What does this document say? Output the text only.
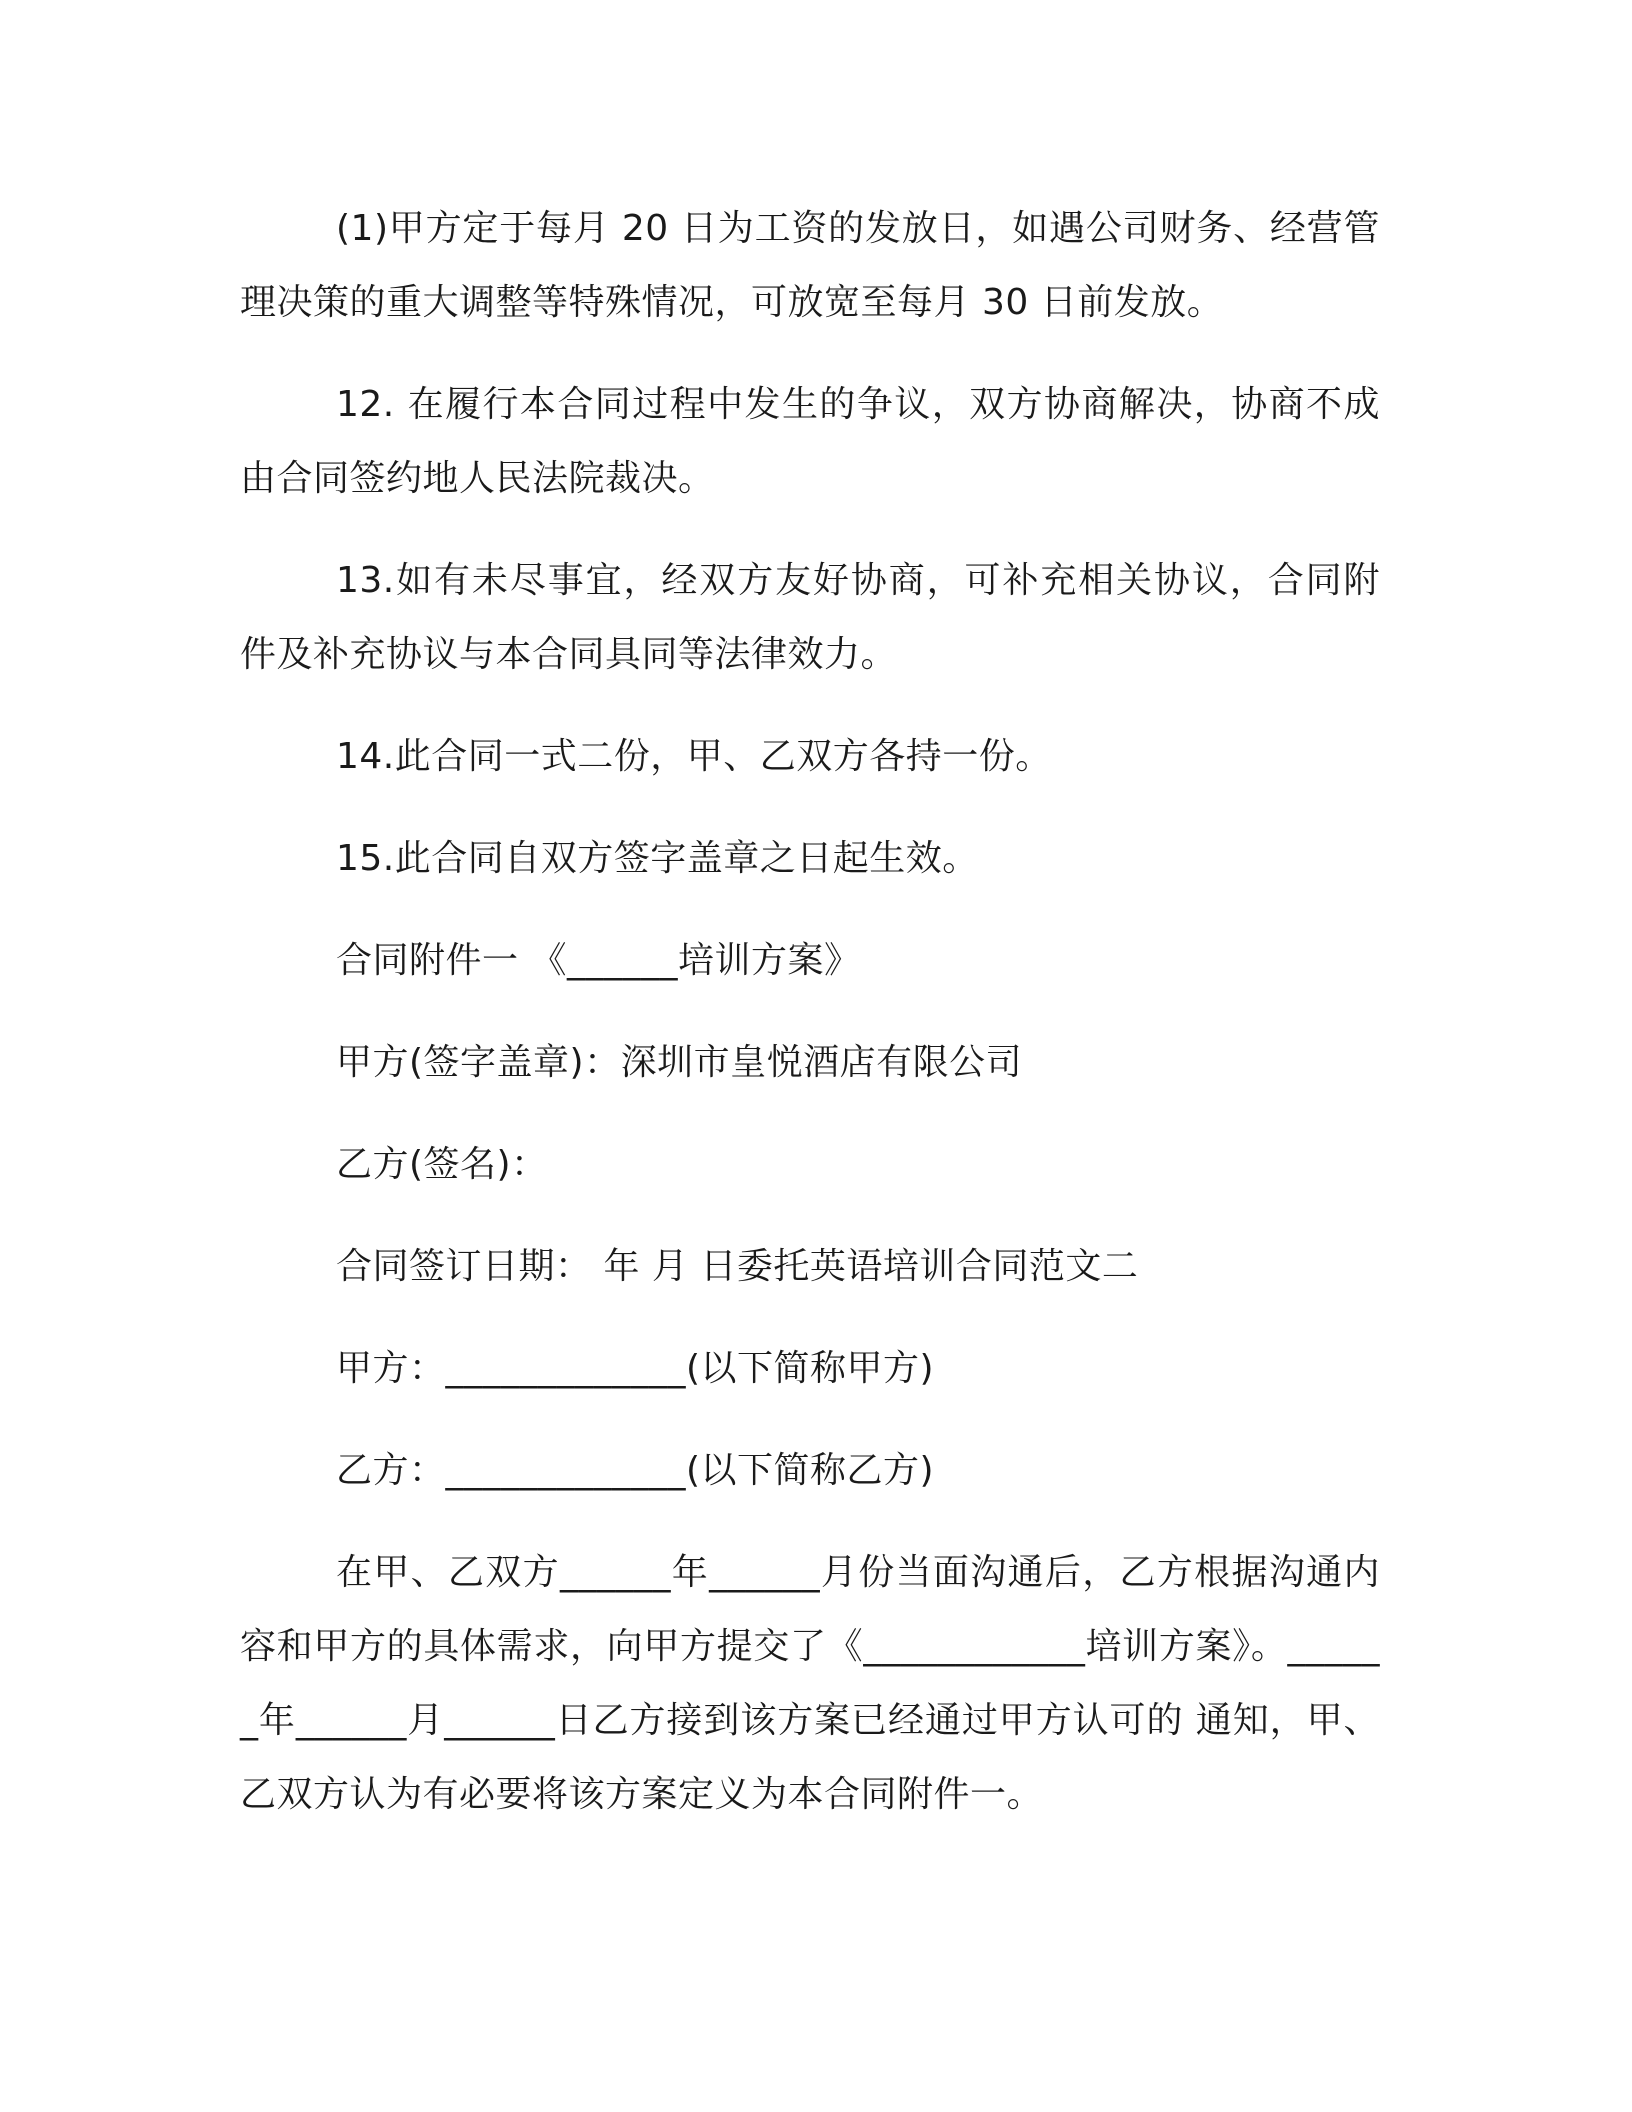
(1)甲方定于每月 20 日为工资的发放日，如遇公司财务、经营管理决策的重大调整等特殊情况，可放宽至每月 30 日前发放。

12. 在履行本合同过程中发生的争议，双方协商解决，协商不成由合同签约地人民法院裁决。

13.如有未尽事宜，经双方友好协商，可补充相关协议，合同附件及补充协议与本合同具同等法律效力。

14.此合同一式二份，甲、乙双方各持一份。

15.此合同自双方签字盖章之日起生效。

合同附件一 《______培训方案》

甲方(签字盖章)：深圳市皇悦酒店有限公司

乙方(签名)：

合同签订日期： 年 月 日委托英语培训合同范文二

甲方：_____________(以下简称甲方)

乙方：_____________(以下简称乙方)

在甲、乙双方______年______月份当面沟通后，乙方根据沟通内容和甲方的具体需求，向甲方提交了《____________培训方案》。______年______月______日乙方接到该方案已经通过甲方认可的 通知，甲、乙双方认为有必要将该方案定义为本合同附件一。
